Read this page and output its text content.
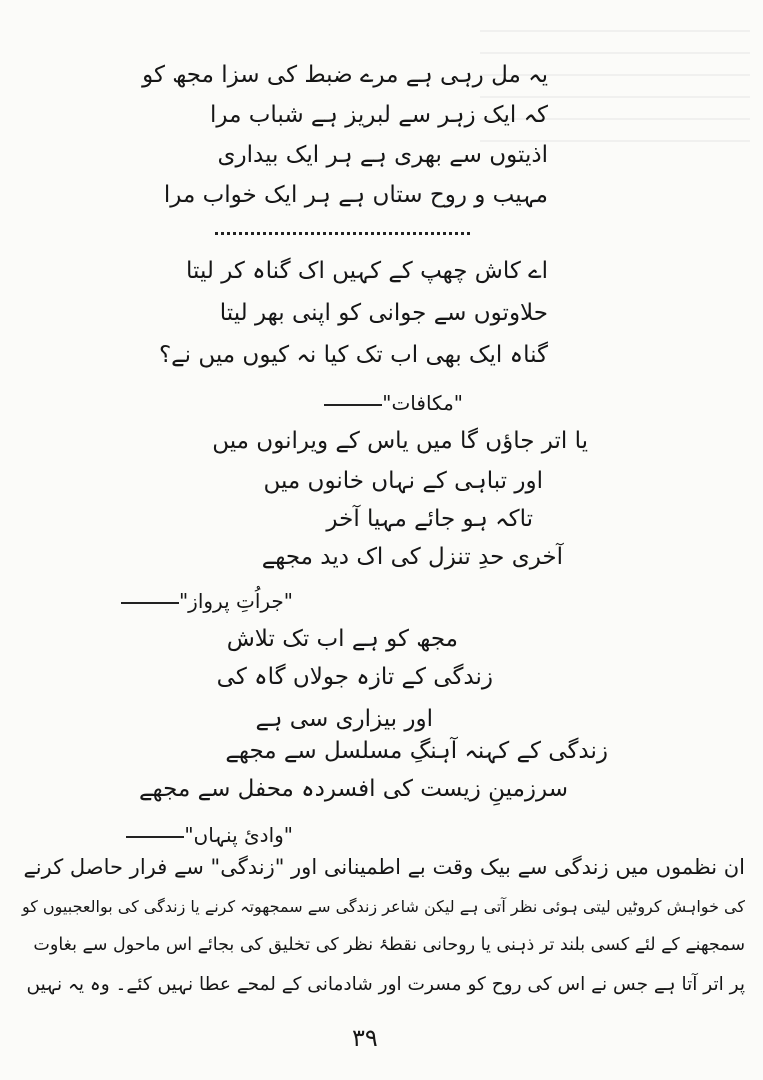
یہ مل رہی ہے مرے ضبط کی سزا مجھ کو
کہ ایک زہر سے لبریز ہے شباب مرا
اذیتوں سے بھری ہے ہر ایک بیداری
مہیب و روح ستاں ہے ہر ایک خواب مرا
اے کاش چھپ کے کہیں اک گناہ کر لیتا
حلاوتوں سے جوانی کو اپنی بھر لیتا
گناہ ایک بھی اب تک کیا نہ کیوں میں نے؟
"مکافات"
یا اتر جاؤں گا میں یاس کے ویرانوں میں
اور تباہی کے نہاں خانوں میں
تاکہ ہو جائے مہیا آخر
آخری حدِ تنزل کی اک دید مجھے
"جراُتِ پرواز"
مجھ کو ہے اب تک تلاش
زندگی کے تازہ جولاں گاہ کی
اور بیزاری سی ہے
زندگی کے کہنہ آہنگِ مسلسل سے مجھے
سرزمینِ زیست کی افسردہ محفل سے مجھے
"وادیٔ پنہاں"
ان نظموں میں زندگی سے بیک وقت بے اطمینانی اور "زندگی" سے فرار حاصل کرنے
کی خواہش کروٹیں لیتی ہوئی نظر آتی ہے لیکن شاعر زندگی سے سمجھوتہ کرنے یا زندگی کی بوالعجبیوں کو
سمجھنے کے لئے کسی بلند تر ذہنی یا روحانی نقطۂ نظر کی تخلیق کی بجائے اس ماحول سے بغاوت
پر اتر آتا ہے جس نے اس کی روح کو مسرت اور شادمانی کے لمحے عطا نہیں کئے۔ وہ یہ نہیں
۳۹
